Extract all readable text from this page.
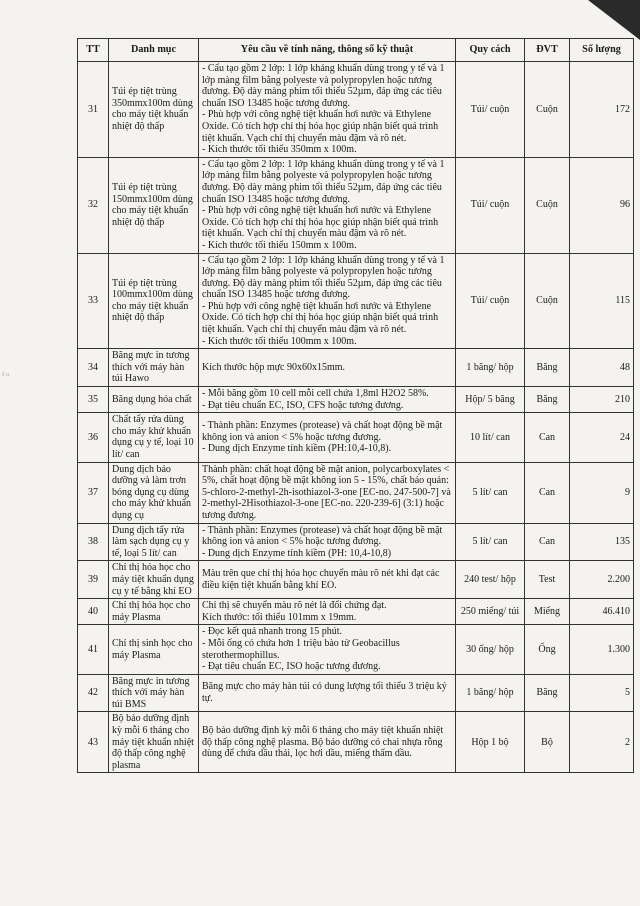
ê u
TT	Danh mục	Yêu cầu về tính năng, thông số kỹ thuật	Quy cách	ĐVT	Số lượng
31	Túi ép tiệt trùng 350mmx100m dùng cho máy tiệt khuẩn nhiệt độ thấp	- Cấu tạo gồm 2 lớp: 1 lớp kháng khuẩn dùng trong y tế và 1 lớp màng film bằng polyeste và polypropylen hoặc tương đương. Độ dày màng phim tối thiểu 52µm, đáp ứng các tiêu chuẩn ISO 13485 hoặc tương đương.
- Phù hợp với công nghệ tiệt khuẩn hơi nước và Ethylene Oxide. Có tích hợp chỉ thị hóa học giúp nhận biết quá trình tiệt khuẩn. Vạch chỉ thị chuyển màu đậm và rõ nét.
- Kích thước tối thiểu 350mm x 100m.	Túi/ cuộn	Cuộn	172
32	Túi ép tiệt trùng 150mmx100m dùng cho máy tiệt khuẩn nhiệt độ thấp	- Cấu tạo gồm 2 lớp: 1 lớp kháng khuẩn dùng trong y tế và 1 lớp màng film bằng polyeste và polypropylen hoặc tương đương. Độ dày màng phim tối thiểu 52µm, đáp ứng các tiêu chuẩn ISO 13485 hoặc tương đương.
- Phù hợp với công nghệ tiệt khuẩn hơi nước và Ethylene Oxide. Có tích hợp chỉ thị hóa học giúp nhận biết quá trình tiệt khuẩn. Vạch chỉ thị chuyển màu đậm và rõ nét.
- Kích thước tối thiểu 150mm x 100m.	Túi/ cuộn	Cuộn	96
33	Túi ép tiệt trùng 100mmx100m dùng cho máy tiệt khuẩn nhiệt độ thấp	- Cấu tạo gồm 2 lớp: 1 lớp kháng khuẩn dùng trong y tế và 1 lớp màng film bằng polyeste và polypropylen hoặc tương đương. Độ dày màng phim tối thiểu 52µm, đáp ứng các tiêu chuẩn ISO 13485 hoặc tương đương.
- Phù hợp với công nghệ tiệt khuẩn hơi nước và Ethylene Oxide. Có tích hợp chỉ thị hóa học giúp nhận biết quá trình tiệt khuẩn. Vạch chỉ thị chuyển màu đậm và rõ nét.
- Kích thước tối thiểu 100mm x 100m.	Túi/ cuộn	Cuộn	115
34	Băng mực in tương thích với máy hàn túi Hawo	Kích thước hộp mực 90x60x15mm.	1 băng/ hộp	Băng	48
35	Băng dụng hóa chất	- Mỗi băng gồm 10 cell mỗi cell chứa 1,8ml H2O2 58%.
- Đạt tiêu chuẩn EC, ISO, CFS hoặc tương đương.	Hộp/ 5 băng	Băng	210
36	Chất tẩy rửa dùng cho máy khử khuẩn dụng cụ y tế, loại 10 lít/ can	- Thành phần: Enzymes (protease) và chất hoạt động bề mặt không ion và anion < 5% hoặc tương đương.
- Dung dịch Enzyme tính kiềm (PH:10,4-10,8).	10 lít/ can	Can	24
37	Dung dịch bảo dưỡng và làm trơn bóng dụng cụ dùng cho máy khử khuẩn dụng cụ	Thành phần: chất hoạt động bề mặt anion, polycarboxylates < 5%, chất hoạt động bề mặt không ion 5 - 15%, chất bảo quản: 5-chloro-2-methyl-2h-isothiazol-3-one [EC-no. 247-500-7] và 2-methyl-2Hisothiazol-3-one [EC-no. 220-239-6] (3:1) hoặc tương đương.	5 lít/ can	Can	9
38	Dung dịch tẩy rửa làm sạch dụng cụ y tế, loại 5 lít/ can	- Thành phần: Enzymes (protease) và chất hoạt động bề mặt không ion và anion < 5% hoặc tương đương.
- Dung dịch Enzyme tính kiềm (PH: 10,4-10,8)	5 lít/ can	Can	135
39	Chỉ thị hóa học cho máy tiệt khuẩn dụng cụ y tế bằng khí EO	Màu trên que chỉ thị hóa học chuyển màu rõ nét khi đạt các điều kiện tiệt khuẩn bằng khí EO.	240 test/ hộp	Test	2.200
40	Chỉ thị hóa học cho máy Plasma	Chỉ thị sẽ chuyển màu rõ nét là đổi chứng đạt.
Kích thước: tối thiểu 101mm x 19mm.	250 miếng/ túi	Miếng	46.410
41	Chỉ thị sinh học cho máy Plasma	- Đọc kết quả nhanh trong 15 phút.
- Mỗi ống có chứa hơn 1 triệu bào tử Geobacillus sterothermophillus.
- Đạt tiêu chuẩn EC, ISO hoặc tương đương.	30 ống/ hộp	Ống	1.300
42	Băng mực in tương thích với máy hàn túi BMS	Băng mực cho máy hàn túi có dung lượng tối thiểu 3 triệu ký tự.	1 băng/ hộp	Băng	5
43	Bộ bảo dưỡng định kỳ mỗi 6 tháng cho máy tiệt khuẩn nhiệt độ thấp công nghệ plasma	Bộ bảo dưỡng định kỳ mỗi 6 tháng cho máy tiệt khuẩn nhiệt độ thấp công nghệ plasma. Bộ bảo dưỡng có chai nhựa rỗng dùng để chứa dầu thải, lọc hơi dầu, miếng thấm dầu.	Hộp 1 bộ	Bộ	2
